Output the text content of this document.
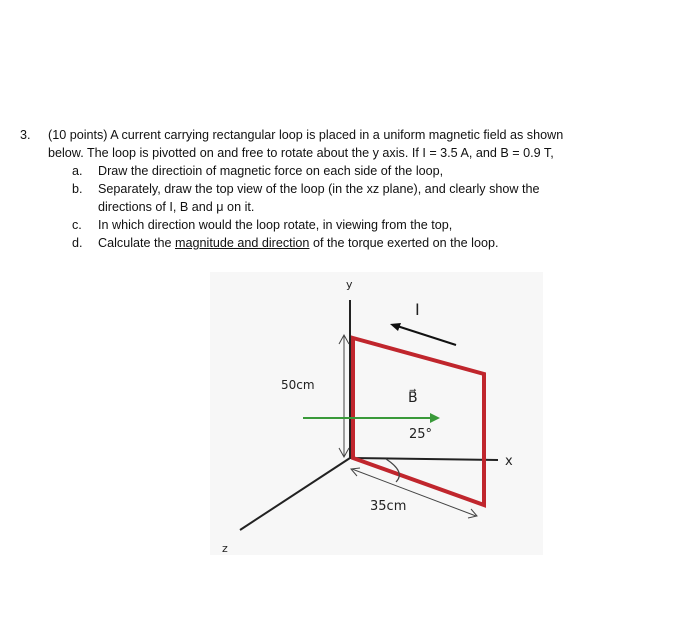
3. (10 points) A current carrying rectangular loop is placed in a uniform magnetic field as shown
below. The loop is pivotted on and free to rotate about the y axis. If I = 3.5 A, and B = 0.9 T,
a. Draw the directioin of magnetic force on each side of the loop,
b. Separately, draw the top view of the loop (in the xz plane), and clearly show the
directions of I, B and μ on it.
c. In which direction would the loop rotate, in viewing from the top,
d. Calculate the magnitude and direction of the torque exerted on the loop.
y
x
z
50cm
I
B⃗
25°
35cm
